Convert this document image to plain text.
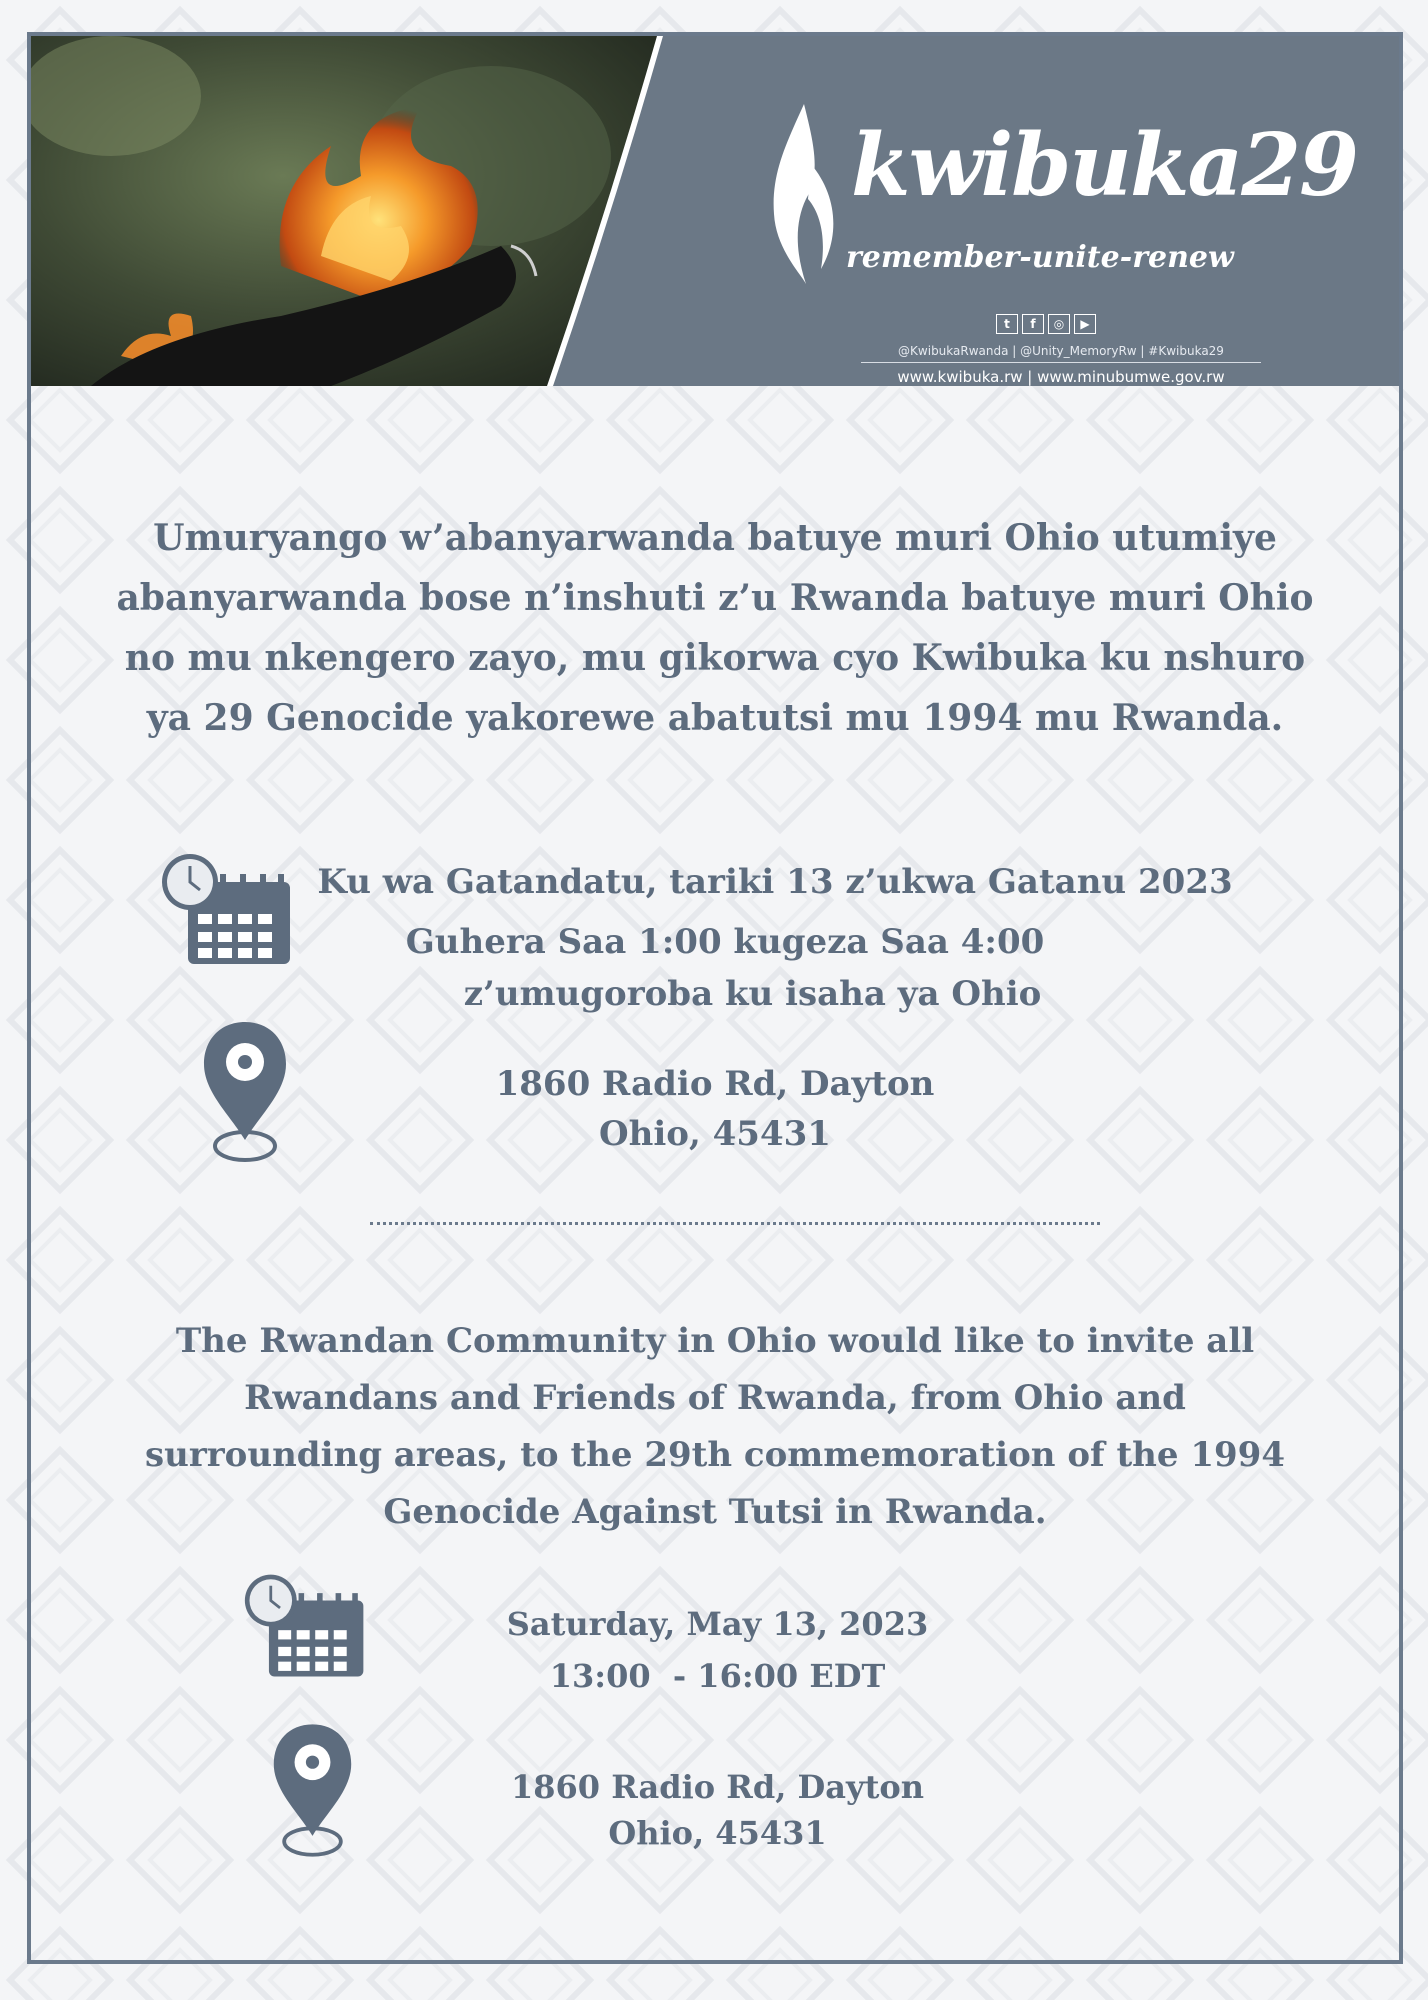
kwibuka29
remember-unite-renew
t	f	◎	▶
@KwibukaRwanda | @Unity_MemoryRw | #Kwibuka29
www.kwibuka.rw | www.minubumwe.gov.rw
Umuryango w’abanyarwanda batuye muri Ohio utumiye
abanyarwanda bose n’inshuti z’u Rwanda batuye muri Ohio
no mu nkengero zayo, mu gikorwa cyo Kwibuka ku nshuro
ya 29 Genocide yakorewe abatutsi mu 1994 mu Rwanda.
Ku wa Gatandatu, tariki 13 z’ukwa Gatanu 2023
Guhera Saa 1:00 kugeza Saa 4:00
z’umugoroba ku isaha ya Ohio
1860 Radio Rd, Dayton
Ohio, 45431
The Rwandan Community in Ohio would like to invite all
Rwandans and Friends of Rwanda, from Ohio and
surrounding areas, to the 29th commemoration of the 1994
Genocide Against Tutsi in Rwanda.
Saturday, May 13, 2023
13:00  - 16:00 EDT
1860 Radio Rd, Dayton
Ohio, 45431
